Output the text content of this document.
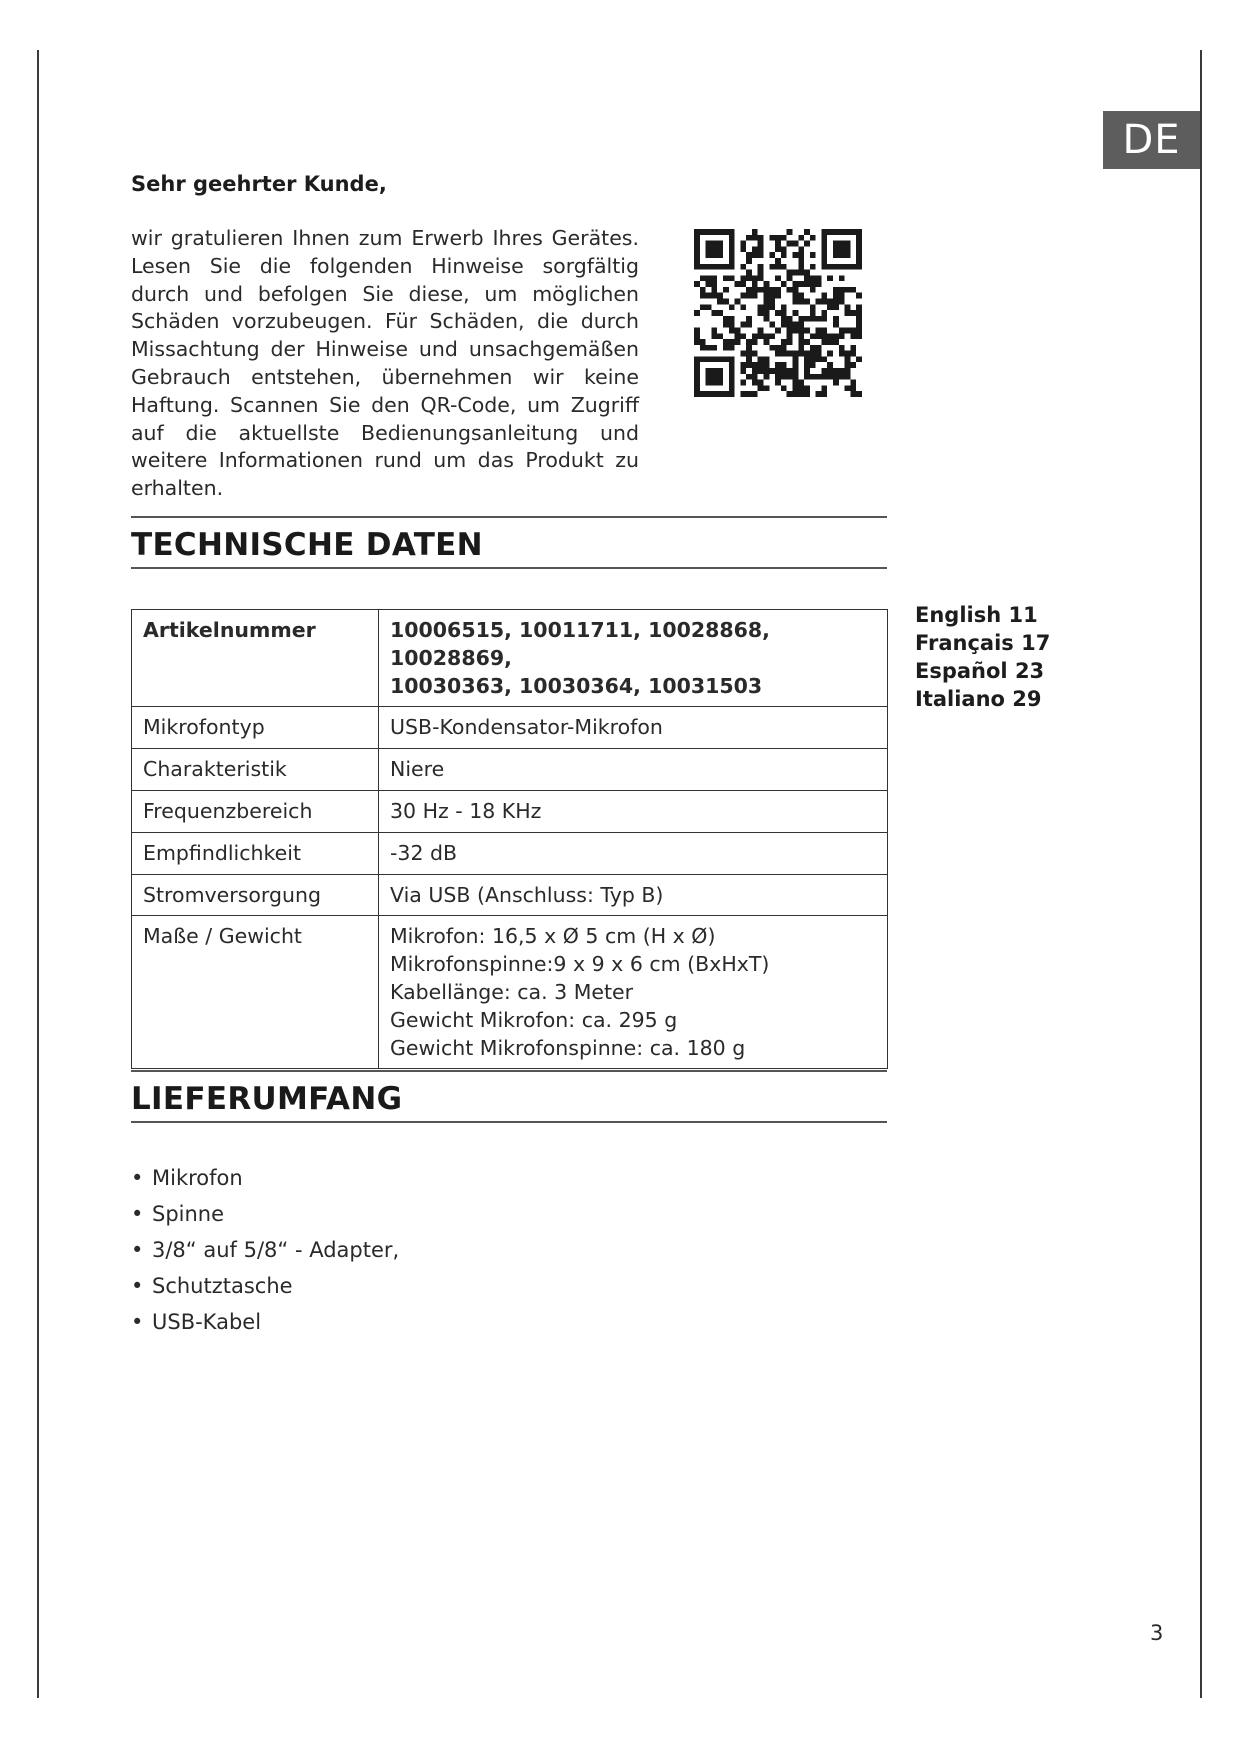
DE
Sehr geehrter Kunde,
wir gratulieren Ihnen zum Erwerb Ihres Gerätes. Lesen Sie die folgenden Hinweise sorgfältig durch und befolgen Sie diese, um möglichen Schäden vorzubeugen. Für Schäden, die durch Missachtung der Hinweise und unsachgemäßen Gebrauch entstehen, übernehmen wir keine Haftung. Scannen Sie den QR-Code, um Zugriff auf die aktuellste Bedienungsanleitung und weitere Informationen rund um das Produkt zu erhalten.
TECHNISCHE DATEN
Artikelnummer	10006515, 10011711, 10028868, 10028869,
10030363, 10030364, 10031503
Mikrofontyp	USB-Kondensator-Mikrofon
Charakteristik	Niere
Frequenzbereich	30 Hz - 18 KHz
Empfindlichkeit	-32 dB
Stromversorgung	Via USB (Anschluss: Typ B)
Maße / Gewicht	Mikrofon: 16,5 x Ø 5 cm (H x Ø)
Mikrofonspinne:9 x 9 x 6 cm (BxHxT)
Kabellänge: ca. 3 Meter
Gewicht Mikrofon: ca. 295 g
Gewicht Mikrofonspinne: ca. 180 g
English 11
Français 17
Español 23
Italiano 29
LIEFERUMFANG
• Mikrofon
• Spinne
• 3/8“ auf 5/8“ - Adapter,
• Schutztasche
• USB-Kabel
3
